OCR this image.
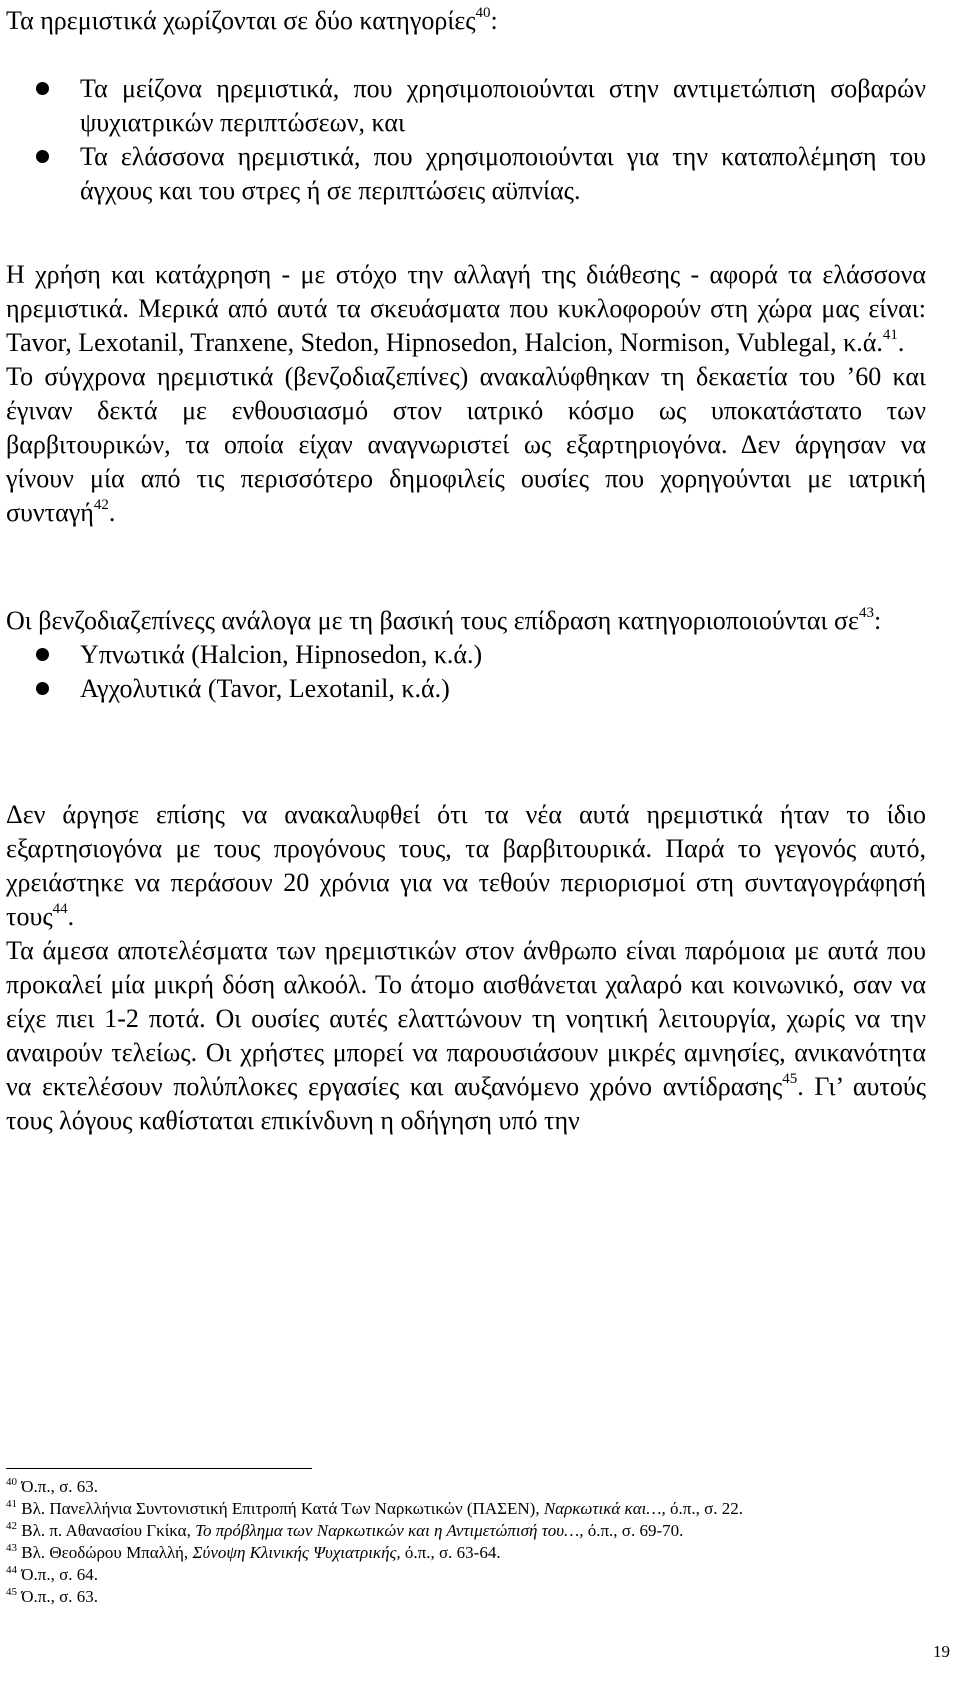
Τα ηρεμιστικά χωρίζονται σε δύο κατηγορίες$^{40}$:

Τα μείζονα ηρεμιστικά, που χρησιμοποιούνται στην αντιμετώπιση σοβαρών ψυχιατρικών περιπτώσεων, και
Τα ελάσσονα ηρεμιστικά, που χρησιμοποιούνται για την καταπολέμηση του άγχους και του στρες ή σε περιπτώσεις αϋπνίας.

Η χρήση και κατάχρηση - με στόχο την αλλαγή της διάθεσης - αφορά τα ελάσσονα ηρεμιστικά. Μερικά από αυτά τα σκευάσματα που κυκλοφορούν στη χώρα μας είναι: Tavor, Lexotanil, Tranxene, Stedon, Hipnosedon, Halcion, Normison, Vublegal, κ.ά.$^{41}$.

Το σύγχρονα ηρεμιστικά (βενζοδιαζεπίνες) ανακαλύφθηκαν τη δεκαετία του ’60 και έγιναν δεκτά με ενθουσιασμό στον ιατρικό κόσμο ως υποκατάστατο των βαρβιτουρικών, τα οποία είχαν αναγνωριστεί ως εξαρτηριογόνα. Δεν άργησαν να γίνουν μία από τις περισσότερο δημοφιλείς ουσίες που χορηγούνται με ιατρική συνταγή$^{42}$.

Οι βενζοδιαζεπίνεςς ανάλογα με τη βασική τους επίδραση κατηγοριοποιούνται $\sigma\varepsilon^{43}$:

Υπνωτικά (Halcion, Hipnosedon, κ.ά.)
Αγχολυτικά (Tavor, Lexotanil, κ.ά.)

Δεν άργησε επίσης να ανακαλυφθεί ότι τα νέα αυτά ηρεμιστικά ήταν το ίδιο εξαρτησιογόνα με τους προγόνους τους, τα βαρβιτουρικά. Παρά το γεγονός αυτό, χρειάστηκε να περάσουν 20 χρόνια για να τεθούν περιορισμοί στη συνταγογράφησή τους$^{44}$.

Τα άμεσα αποτελέσματα των ηρεμιστικών στον άνθρωπο είναι παρόμοια με αυτά που προκαλεί μία μικρή δόση αλκοόλ. Το άτομο αισθάνεται χαλαρό και κοινωνικό, σαν να είχε πιει 1-2 ποτά. Οι ουσίες αυτές ελαττώνουν τη νοητική λειτουργία, χωρίς να την αναιρούν τελείως. Οι χρήστες μπορεί να παρουσιάσουν μικρές αμνησίες, ανικανότητα να εκτελέσουν πολύπλοκες εργασίες και αυξανόμενο χρόνο αντίδρασης$^{45}$. Γι’ αυτούς τους λόγους καθίσταται επικίνδυνη η οδήγηση υπό την

$^{40}$ Ό.π., σ. 63.

$^{41}$ Βλ. Πανελλήνια Συντονιστική Επιτροπή Κατά Των Ναρκωτικών (ΠΑΣΕΝ), Ναρκωτικά και…, ό.π., σ. 22.

$^{42}$ Βλ. π. Αθανασίου Γκίκα, Το πρόβλημα των Ναρκωτικών και η Αντιμετώπισή του…, ό.π., σ. 69-70.

$^{43}$ Βλ. Θεοδώρου Μπαλλή, Σύνοψη Κλινικής Ψυχιατρικής, ό.π., σ. 63-64.

$^{44}$ Ό.π., σ. 64.

$^{45}$ Ό.π., σ. 63.

19
